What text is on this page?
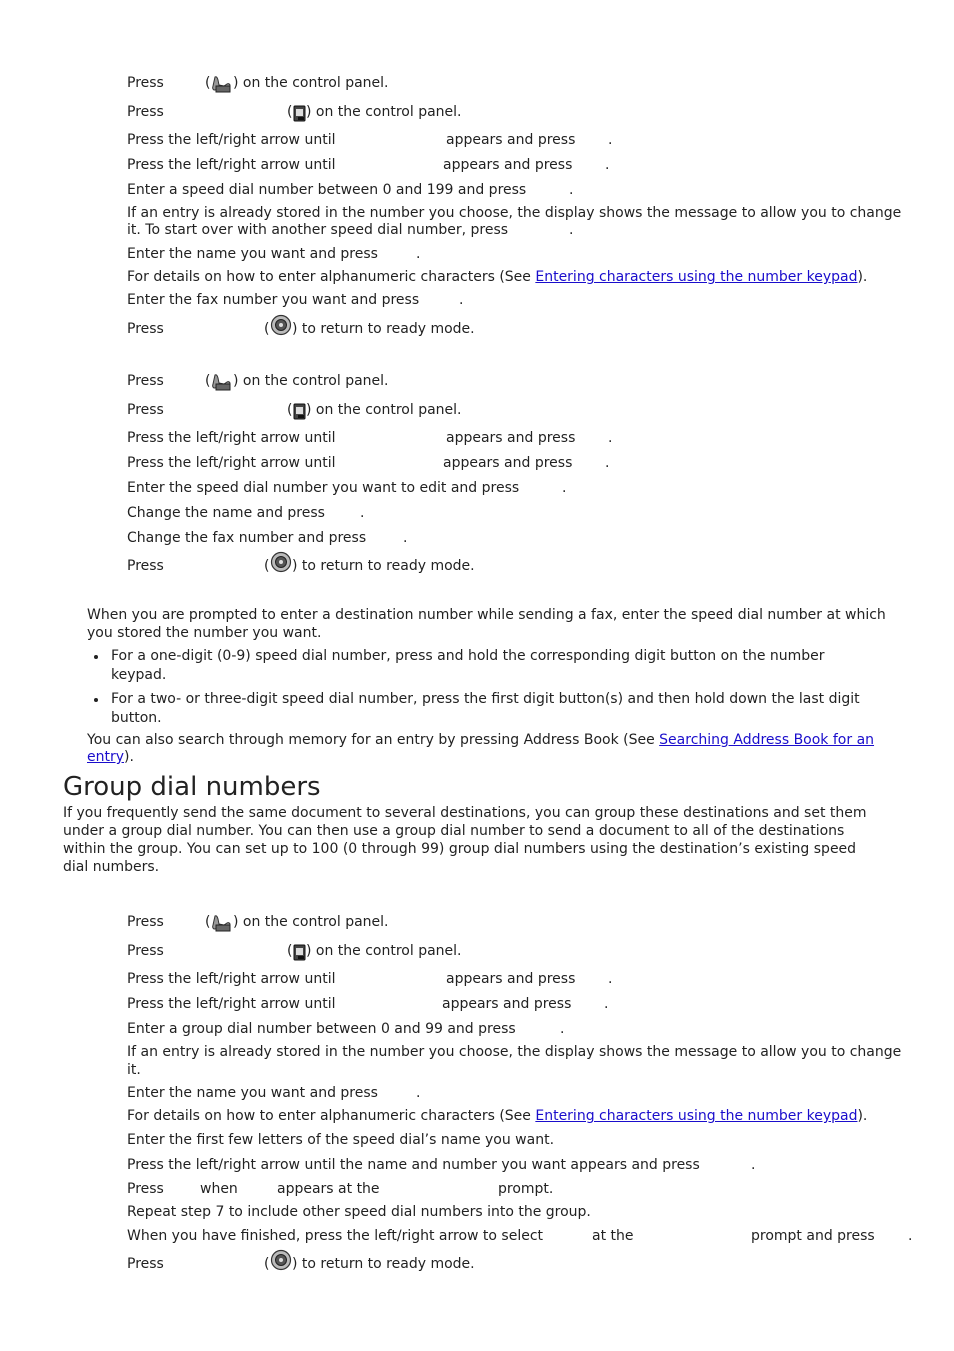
Press	( ) on the control panel.
Press	( ) on the control panel.
Press the left/right arrow until	appears and press .
Press the left/right arrow until	appears and press .
Enter a speed dial number between 0 and 199 and press	.
If an entry is already stored in the number you choose, the display shows the message to allow you to change
it. To start over with another speed dial number, press	.
Enter the name you want and press	.
For details on how to enter alphanumeric characters (See Entering characters using the number keypad).
Enter the fax number you want and press	.
Press	( ) to return to ready mode.
Press	( ) on the control panel.
Press	( ) on the control panel.
Press the left/right arrow until	appears and press .
Press the left/right arrow until	appears and press .
Enter the speed dial number you want to edit and press	.
Change the name and press	.
Change the fax number and press	.
Press	( ) to return to ready mode.
When you are prompted to enter a destination number while sending a fax, enter the speed dial number at which
you stored the number you want.
For a one-digit (0-9) speed dial number, press and hold the corresponding digit button on the number
keypad.
For a two- or three-digit speed dial number, press the first digit button(s) and then hold down the last digit
button.
You can also search through memory for an entry by pressing Address Book (See Searching Address Book for an
entry).
Group dial numbers
If you frequently send the same document to several destinations, you can group these destinations and set them
under a group dial number. You can then use a group dial number to send a document to all of the destinations
within the group. You can set up to 100 (0 through 99) group dial numbers using the destination’s existing speed
dial numbers.
Press	( ) on the control panel.
Press	( ) on the control panel.
Press the left/right arrow until	appears and press .
Press the left/right arrow until	appears and press .
Enter a group dial number between 0 and 99 and press	.
If an entry is already stored in the number you choose, the display shows the message to allow you to change
it.
Enter the name you want and press	.
For details on how to enter alphanumeric characters (See Entering characters using the number keypad).
Enter the first few letters of the speed dial’s name you want.
Press the left/right arrow until the name and number you want appears and press	.
Press	when	appears at the	prompt.
Repeat step 7 to include other speed dial numbers into the group.
When you have finished, press the left/right arrow to select	at the	prompt and press .
Press	( ) to return to ready mode.
